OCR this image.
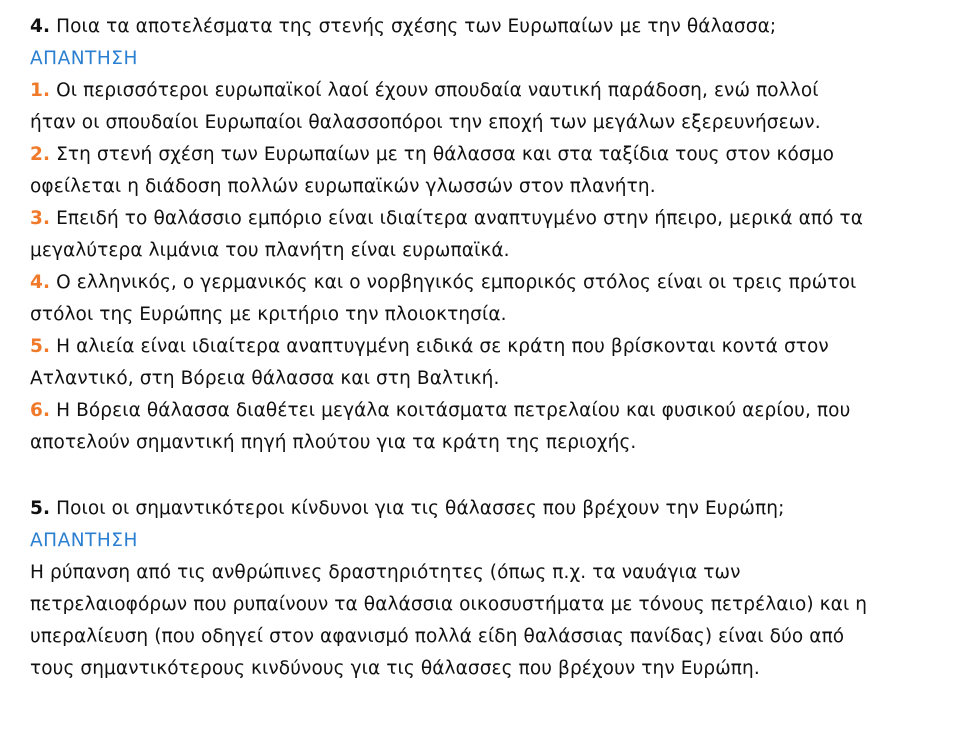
4. Ποια τα αποτελέσματα της στενής σχέσης των Ευρωπαίων με την θάλασσα;
ΑΠΑΝΤΗΣΗ
1. Οι περισσότεροι ευρωπαϊκοί λαοί έχουν σπουδαία ναυτική παράδοση, ενώ πολλοί
ήταν οι σπουδαίοι Ευρωπαίοι θαλασσοπόροι την εποχή των μεγάλων εξερευνήσεων.
2. Στη στενή σχέση των Ευρωπαίων με τη θάλασσα και στα ταξίδια τους στον κόσμο
οφείλεται η διάδοση πολλών ευρωπαϊκών γλωσσών στον πλανήτη.
3. Επειδή το θαλάσσιο εμπόριο είναι ιδιαίτερα αναπτυγμένο στην ήπειρο, μερικά από τα
μεγαλύτερα λιμάνια του πλανήτη είναι ευρωπαϊκά.
4. Ο ελληνικός, ο γερμανικός και ο νορβηγικός εμπορικός στόλος είναι οι τρεις πρώτοι
στόλοι της Ευρώπης με κριτήριο την πλοιοκτησία.
5. Η αλιεία είναι ιδιαίτερα αναπτυγμένη ειδικά σε κράτη που βρίσκονται κοντά στον
Ατλαντικό, στη Βόρεια θάλασσα και στη Βαλτική.
6. Η Βόρεια θάλασσα διαθέτει μεγάλα κοιτάσματα πετρελαίου και φυσικού αερίου, που
αποτελούν σημαντική πηγή πλούτου για τα κράτη της περιοχής.
5. Ποιοι οι σημαντικότεροι κίνδυνοι για τις θάλασσες που βρέχουν την Ευρώπη;
ΑΠΑΝΤΗΣΗ
Η ρύπανση από τις ανθρώπινες δραστηριότητες (όπως π.χ. τα ναυάγια των
πετρελαιοφόρων που ρυπαίνουν τα θαλάσσια οικοσυστήματα με τόνους πετρέλαιο) και η
υπεραλίευση (που οδηγεί στον αφανισμό πολλά είδη θαλάσσιας πανίδας) είναι δύο από
τους σημαντικότερους κινδύνους για τις θάλασσες που βρέχουν την Ευρώπη.
